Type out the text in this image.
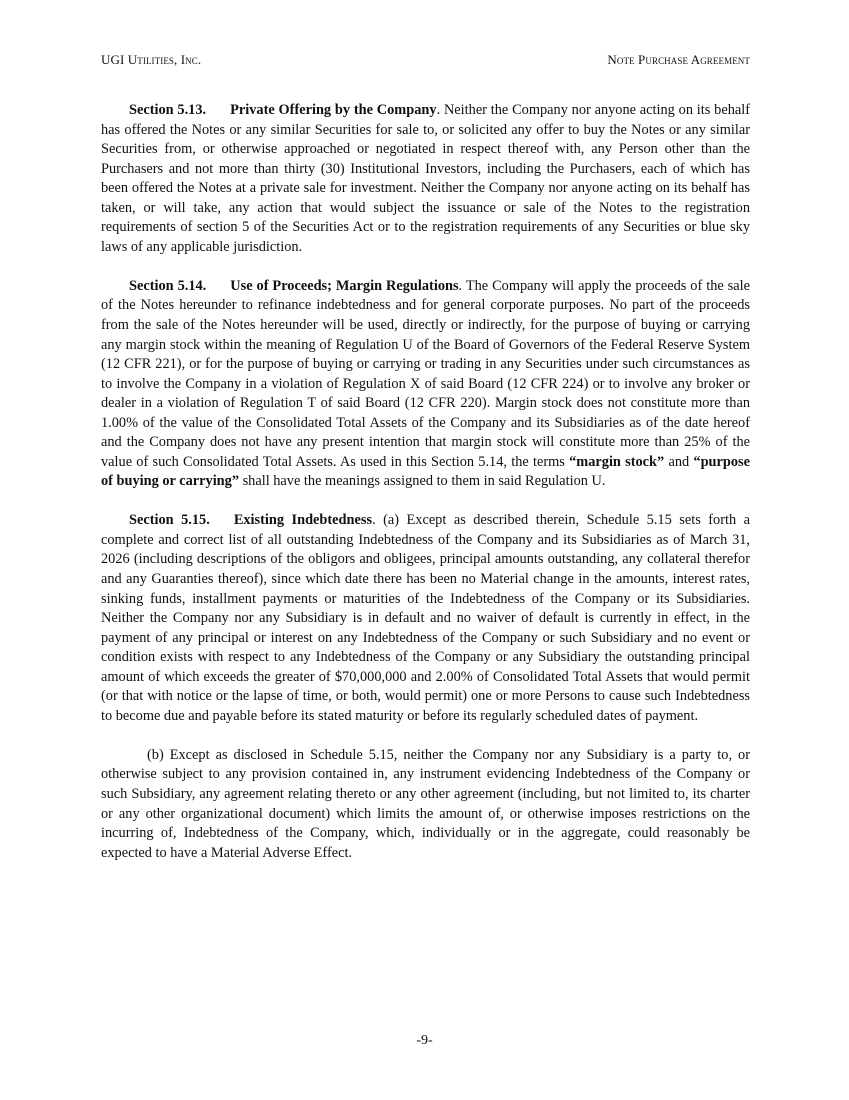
UGI Utilities, Inc.	Note Purchase Agreement

Section 5.13. Private Offering by the Company. Neither the Company nor anyone acting on its behalf has offered the Notes or any similar Securities for sale to, or solicited any offer to buy the Notes or any similar Securities from, or otherwise approached or negotiated in respect thereof with, any Person other than the Purchasers and not more than thirty (30) Institutional Investors, including the Purchasers, each of which has been offered the Notes at a private sale for investment. Neither the Company nor anyone acting on its behalf has taken, or will take, any action that would subject the issuance or sale of the Notes to the registration requirements of section 5 of the Securities Act or to the registration requirements of any Securities or blue sky laws of any applicable jurisdiction.

Section 5.14. Use of Proceeds; Margin Regulations. The Company will apply the proceeds of the sale of the Notes hereunder to refinance indebtedness and for general corporate purposes. No part of the proceeds from the sale of the Notes hereunder will be used, directly or indirectly, for the purpose of buying or carrying any margin stock within the meaning of Regulation U of the Board of Governors of the Federal Reserve System (12 CFR 221), or for the purpose of buying or carrying or trading in any Securities under such circumstances as to involve the Company in a violation of Regulation X of said Board (12 CFR 224) or to involve any broker or dealer in a violation of Regulation T of said Board (12 CFR 220). Margin stock does not constitute more than 1.00% of the value of the Consolidated Total Assets of the Company and its Subsidiaries as of the date hereof and the Company does not have any present intention that margin stock will constitute more than 25% of the value of such Consolidated Total Assets. As used in this Section 5.14, the terms “margin stock” and “purpose of buying or carrying” shall have the meanings assigned to them in said Regulation U.

Section 5.15. Existing Indebtedness. (a) Except as described therein, Schedule 5.15 sets forth a complete and correct list of all outstanding Indebtedness of the Company and its Subsidiaries as of March 31, 2026 (including descriptions of the obligors and obligees, principal amounts outstanding, any collateral therefor and any Guaranties thereof), since which date there has been no Material change in the amounts, interest rates, sinking funds, installment payments or maturities of the Indebtedness of the Company or its Subsidiaries. Neither the Company nor any Subsidiary is in default and no waiver of default is currently in effect, in the payment of any principal or interest on any Indebtedness of the Company or such Subsidiary and no event or condition exists with respect to any Indebtedness of the Company or any Subsidiary the outstanding principal amount of which exceeds the greater of $70,000,000 and 2.00% of Consolidated Total Assets that would permit (or that with notice or the lapse of time, or both, would permit) one or more Persons to cause such Indebtedness to become due and payable before its stated maturity or before its regularly scheduled dates of payment.

(b) Except as disclosed in Schedule 5.15, neither the Company nor any Subsidiary is a party to, or otherwise subject to any provision contained in, any instrument evidencing Indebtedness of the Company or such Subsidiary, any agreement relating thereto or any other agreement (including, but not limited to, its charter or any other organizational document) which limits the amount of, or otherwise imposes restrictions on the incurring of, Indebtedness of the Company, which, individually or in the aggregate, could reasonably be expected to have a Material Adverse Effect.

-9-
